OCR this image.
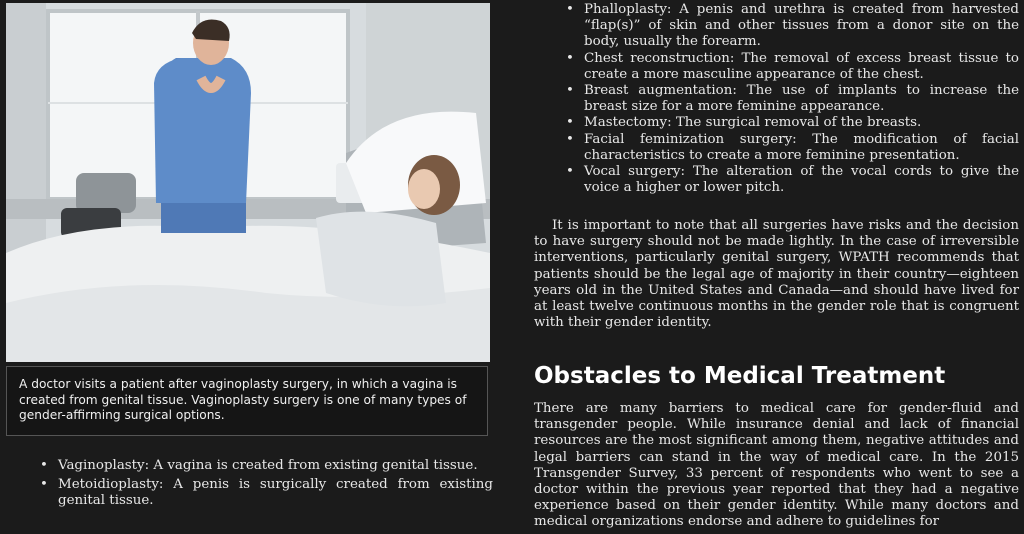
A doctor visits a patient after vaginoplasty surgery, in which a vagina is created from genital tissue. Vaginoplasty surgery is one of many types of gender-affirming surgical options.
• Vaginoplasty: A vagina is created from existing genital tissue.
• Metoidioplasty: A penis is surgically created from existing genital tissue.
• Phalloplasty: A penis and urethra is created from harvested “flap(s)” of skin and other tissues from a donor site on the body, usually the forearm.
• Chest reconstruction: The removal of excess breast tissue to create a more masculine appearance of the chest.
• Breast augmentation: The use of implants to increase the breast size for a more feminine appearance.
• Mastectomy: The surgical removal of the breasts.
• Facial feminization surgery: The modification of facial characteristics to create a more feminine presentation.
• Vocal surgery: The alteration of the vocal cords to give the voice a higher or lower pitch.

It is important to note that all surgeries have risks and the decision to have surgery should not be made lightly. In the case of irreversible interventions, particularly genital surgery, WPATH recommends that patients should be the legal age of majority in their country—eighteen years old in the United States and Canada—and should have lived for at least twelve continuous months in the gender role that is congruent with their gender identity.

Obstacles to Medical Treatment

There are many barriers to medical care for gender-fluid and transgender people. While insurance denial and lack of financial resources are the most significant among them, negative attitudes and legal barriers can stand in the way of medical care. In the 2015 Transgender Survey, 33 percent of respondents who went to see a doctor within the previous year reported that they had a negative experience based on their gender identity. While many doctors and medical organizations endorse and adhere to guidelines for
